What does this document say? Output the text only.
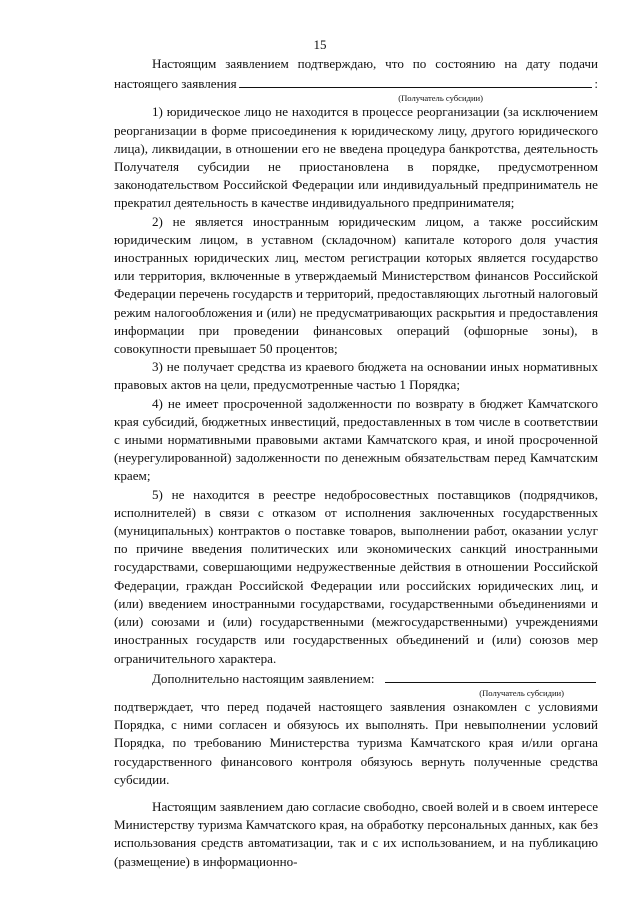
15

Настоящим заявлением подтверждаю, что по состоянию на дату подачи

настоящего заявления	:
(Получатель субсидии)

1) юридическое лицо не находится в процессе реорганизации (за исключением реорганизации в форме присоединения к юридическому лицу, другого юридического лица), ликвидации, в отношении его не введена процедура банкротства, деятельность Получателя субсидии не приостановлена в порядке, предусмотренном законодательством Российской Федерации или индивидуальный предприниматель не прекратил деятельность в качестве индивидуального предпринимателя;

2) не является иностранным юридическим лицом, а также российским юридическим лицом, в уставном (складочном) капитале которого доля участия иностранных юридических лиц, местом регистрации которых является государство или территория, включенные в утверждаемый Министерством финансов Российской Федерации перечень государств и территорий, предоставляющих льготный налоговый режим налогообложения и (или) не предусматривающих раскрытия и предоставления информации при проведении финансовых операций (офшорные зоны), в совокупности превышает 50 процентов;

3) не получает средства из краевого бюджета на основании иных нормативных правовых актов на цели, предусмотренные частью 1 Порядка;

4) не имеет просроченной задолженности по возврату в бюджет Камчатского края субсидий, бюджетных инвестиций, предоставленных в том числе в соответствии с иными нормативными правовыми актами Камчатского края, и иной просроченной (неурегулированной) задолженности по денежным обязательствам перед Камчатским краем;

5) не находится в реестре недобросовестных поставщиков (подрядчиков, исполнителей) в связи с отказом от исполнения заключенных государственных (муниципальных) контрактов о поставке товаров, выполнении работ, оказании услуг по причине введения политических или экономических санкций иностранными государствами, совершающими недружественные действия в отношении Российской Федерации, граждан Российской Федерации или российских юридических лиц, и (или) введением иностранными государствами, государственными объединениями и (или) союзами и (или) государственными (межгосударственными) учреждениями иностранных государств или государственных объединений и (или) союзов мер ограничительного характера.

Дополнительно настоящим заявлением:
(Получатель субсидии)

подтверждает, что перед подачей настоящего заявления ознакомлен с условиями Порядка, с ними согласен и обязуюсь их выполнять. При невыполнении условий Порядка, по требованию Министерства туризма Камчатского края и/или органа государственного финансового контроля обязуюсь вернуть полученные средства субсидии.

Настоящим заявлением даю согласие свободно, своей волей и в своем интересе Министерству туризма Камчатского края, на обработку персональных данных, как без использования средств автоматизации, так и с их использованием, и на публикацию (размещение) в информационно-
